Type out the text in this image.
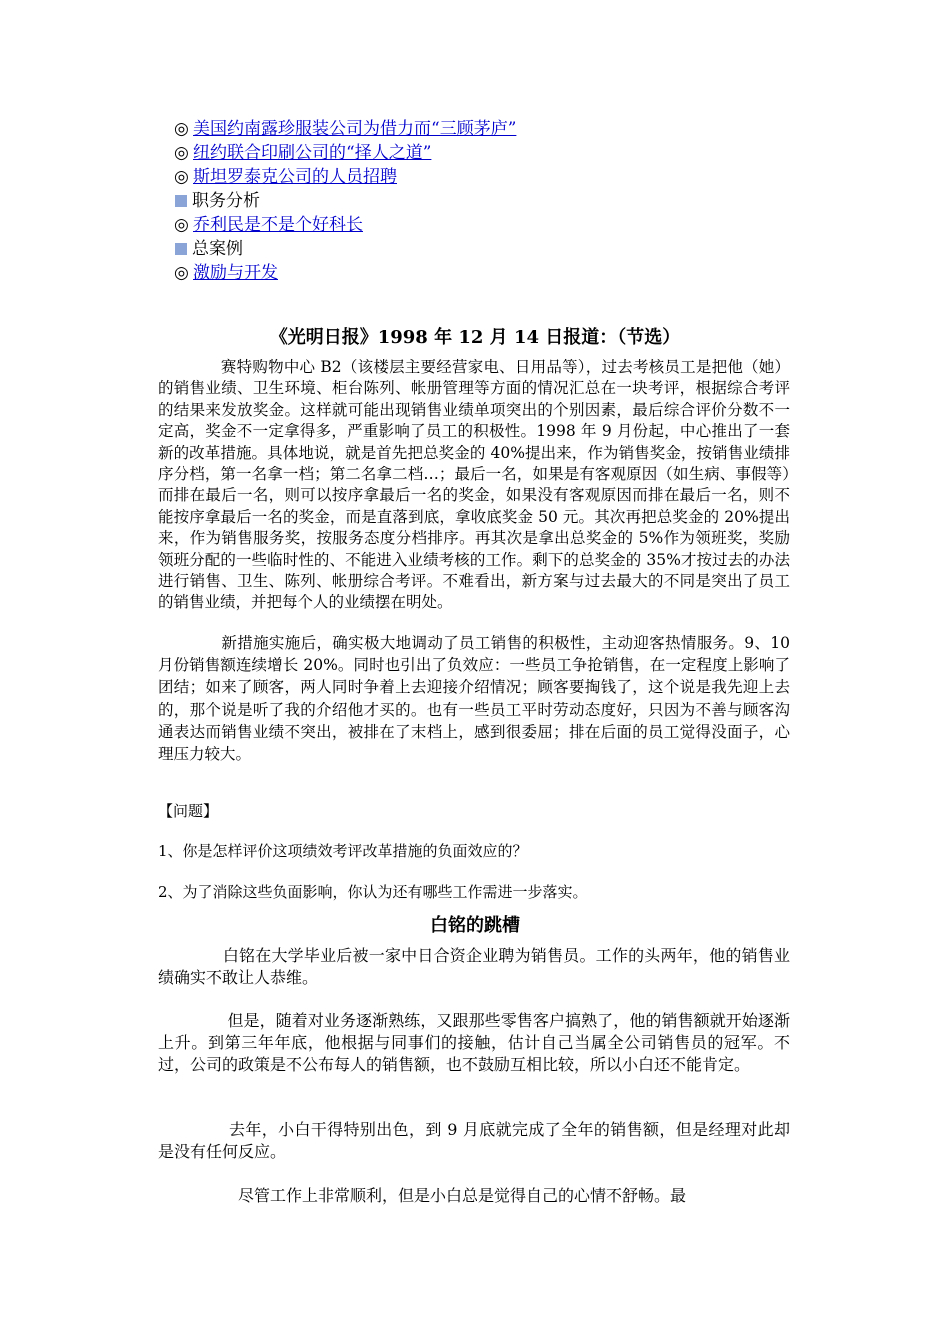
◎ 美国约南露珍服装公司为借力而“三顾茅庐”
◎ 纽约联合印刷公司的“择人之道”
◎ 斯坦罗泰克公司的人员招聘
职务分析
◎ 乔利民是不是个好科长
总案例
◎ 激励与开发
《光明日报》1998 年 12 月 14 日报道：（节选）
　　　　赛特购物中心 B2（该楼层主要经营家电、日用品等），过去考核员工是把他（她）的销售业绩、卫生环境、柜台陈列、帐册管理等方面的情况汇总在一块考评，根据综合考评的结果来发放奖金。这样就可能出现销售业绩单项突出的个别因素，最后综合评价分数不一定高，奖金不一定拿得多，严重影响了员工的积极性。1998 年 9 月份起，中心推出了一套新的改革措施。具体地说，就是首先把总奖金的 40%提出来，作为销售奖金，按销售业绩排序分档，第一名拿一档；第二名拿二档…；最后一名，如果是有客观原因（如生病、事假等）而排在最后一名，则可以按序拿最后一名的奖金，如果没有客观原因而排在最后一名，则不能按序拿最后一名的奖金，而是直落到底，拿收底奖金 50 元。其次再把总奖金的 20%提出来，作为销售服务奖，按服务态度分档排序。再其次是拿出总奖金的 5%作为领班奖，奖励领班分配的一些临时性的、不能进入业绩考核的工作。剩下的总奖金的 35%才按过去的办法进行销售、卫生、陈列、帐册综合考评。不难看出，新方案与过去最大的不同是突出了员工的销售业绩，并把每个人的业绩摆在明处。
　　　　新措施实施后，确实极大地调动了员工销售的积极性，主动迎客热情服务。9、10 月份销售额连续增长 20%。同时也引出了负效应：一些员工争抢销售，在一定程度上影响了团结；如来了顾客，两人同时争着上去迎接介绍情况；顾客要掏钱了，这个说是我先迎上去的，那个说是听了我的介绍他才买的。也有一些员工平时劳动态度好，只因为不善与顾客沟通表达而销售业绩不突出，被排在了末档上，感到很委屈；排在后面的员工觉得没面子，心理压力较大。
【问题】
1、你是怎样评价这项绩效考评改革措施的负面效应的？
2、为了消除这些负面影响，你认为还有哪些工作需进一步落实。
白铭的跳槽
　　　　白铭在大学毕业后被一家中日合资企业聘为销售员。工作的头两年，他的销售业绩确实不敢让人恭维。
　　　　 但是，随着对业务逐渐熟练，又跟那些零售客户搞熟了，他的销售额就开始逐渐上升。到第三年年底，他根据与同事们的接触，估计自己当属全公司销售员的冠军。不过，公司的政策是不公布每人的销售额，也不鼓励互相比较，所以小白还不能肯定。
　　　　 去年，小白干得特别出色，到 9 月底就完成了全年的销售额，但是经理对此却是没有任何反应。
　　　　　尽管工作上非常顺利，但是小白总是觉得自己的心情不舒畅。最
